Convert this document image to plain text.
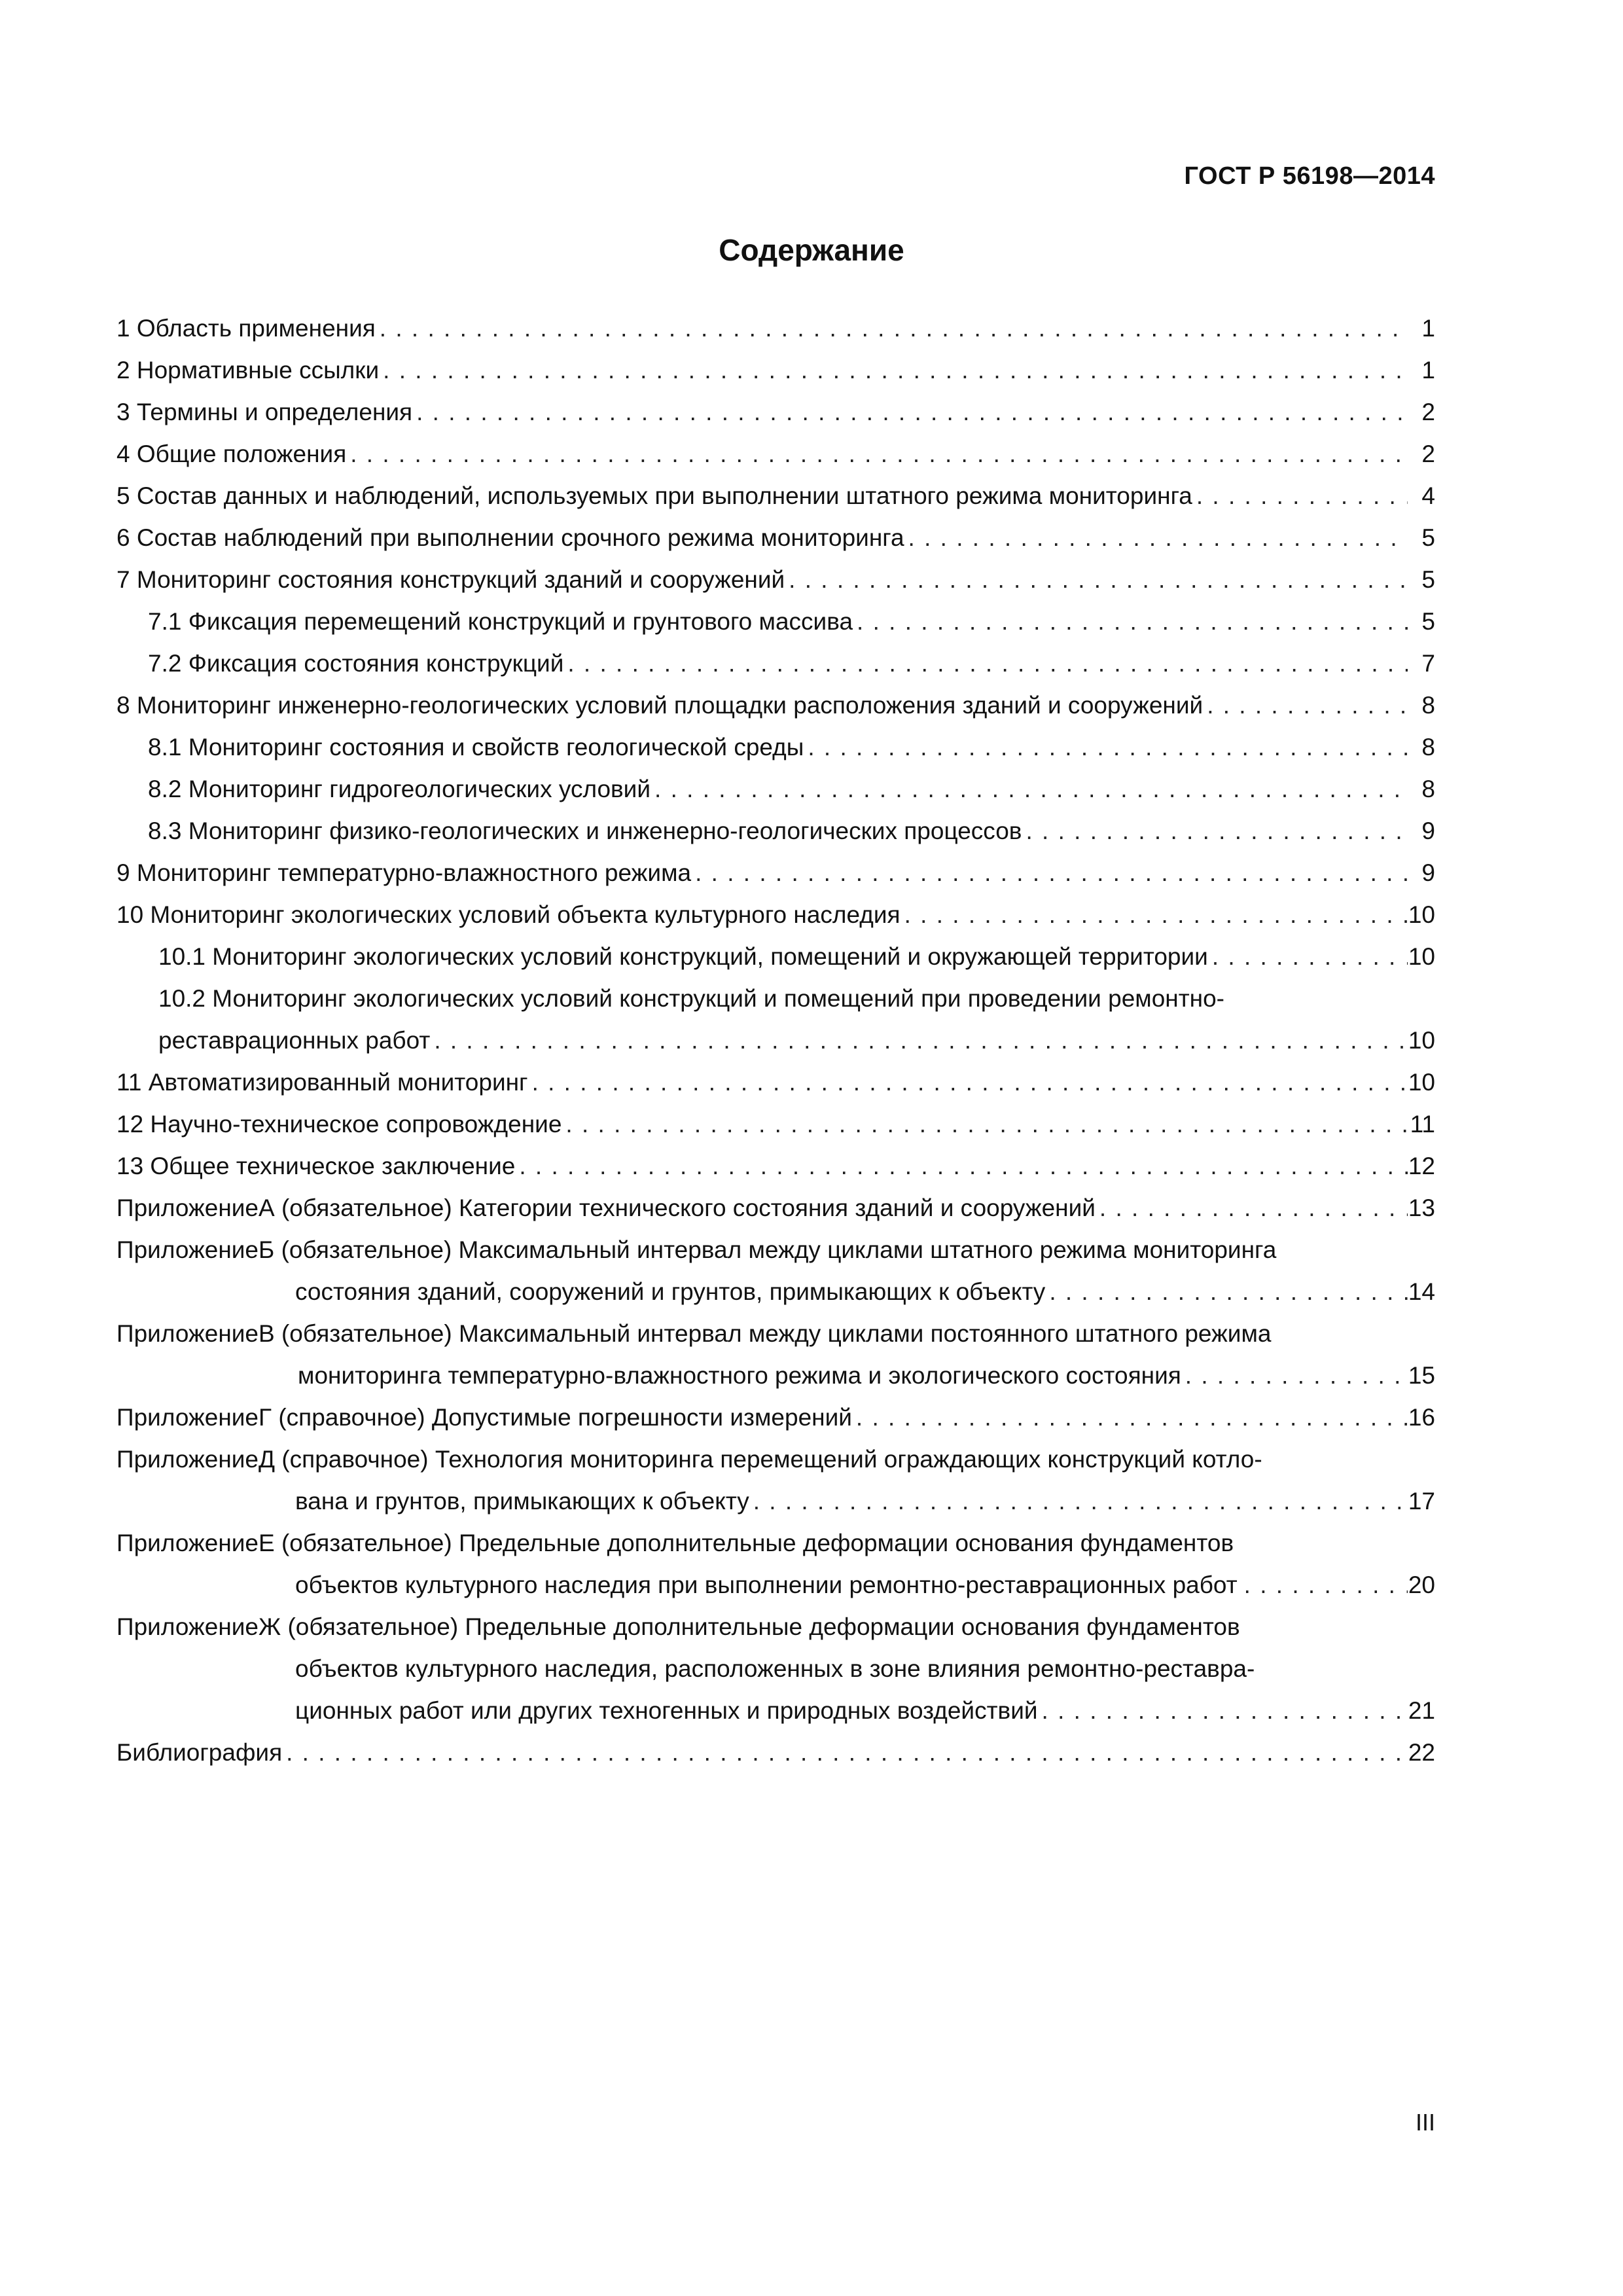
ГОСТ Р 56198—2014
Содержание
1 Область применения . . .	1
2 Нормативные ссылки . . .	1
3 Термины и определения . . .	2
4 Общие положения . . .	2
5 Состав данных и наблюдений, используемых при выполнении штатного режима мониторинга . . .	4
6 Состав наблюдений при выполнении срочного режима мониторинга . . .	5
7 Мониторинг состояния конструкций зданий и сооружений . . .	5
7.1 Фиксация перемещений конструкций и грунтового массива . . .	5
7.2 Фиксация состояния конструкций . . .	7
8 Мониторинг инженерно-геологических условий площадки расположения зданий и сооружений . . .	8
8.1 Мониторинг состояния и свойств геологической среды . . .	8
8.2 Мониторинг гидрогеологических условий . . .	8
8.3 Мониторинг физико-геологических и инженерно-геологических процессов . . .	9
9 Мониторинг температурно-влажностного режима . . .	9
10 Мониторинг экологических условий объекта культурного наследия . . .	10
10.1 Мониторинг экологических условий конструкций, помещений и окружающей территории . . .	10
10.2 Мониторинг экологических условий конструкций и помещений при проведении ремонтно-
реставрационных работ . . .	10
11 Автоматизированный мониторинг . . .	10
12 Научно-техническое сопровождение . . .	11
13 Общее техническое заключение . . .	12
Приложение А (обязательное) Категории технического состояния зданий и сооружений . . .	13
Приложение Б (обязательное) Максимальный интервал между циклами штатного режима мониторинга
состояния зданий, сооружений и грунтов, примыкающих к объекту . . .	14
Приложение В (обязательное) Максимальный интервал между циклами постоянного штатного режима
мониторинга температурно-влажностного режима и экологического состояния . . .	15
Приложение Г (справочное) Допустимые погрешности измерений . . .	16
Приложение Д (справочное) Технология мониторинга перемещений ограждающих конструкций котло-
вана и грунтов, примыкающих к объекту . . .	17
Приложение Е (обязательное) Предельные дополнительные деформации основания фундаментов
объектов культурного наследия при выполнении ремонтно-реставрационных работ . . .	20
Приложение Ж (обязательное) Предельные дополнительные деформации основания фундаментов
объектов культурного наследия, расположенных в зоне влияния ремонтно-реставра-
ционных работ или других техногенных и природных воздействий . . .	21
Библиография . . .	22
III
